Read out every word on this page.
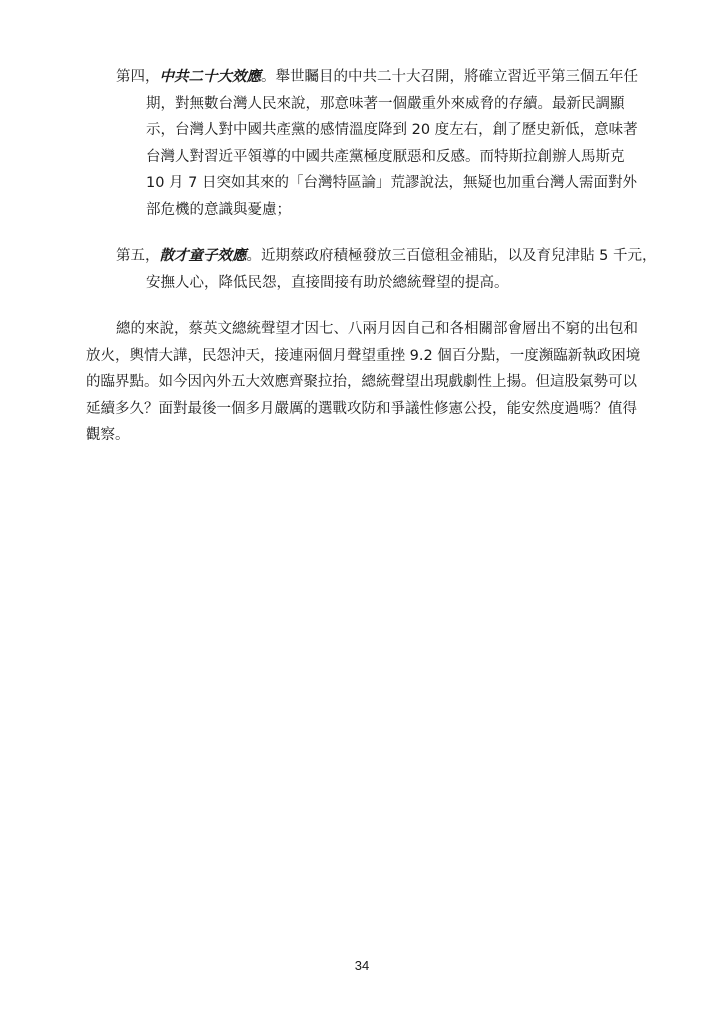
第四，中共二十大效應。舉世矚目的中共二十大召開，將確立習近平第三個五年任
期，對無數台灣人民來說，那意味著一個嚴重外來威脅的存續。最新民調顯
示，台灣人對中國共產黨的感情溫度降到 20 度左右，創了歷史新低，意味著
台灣人對習近平領導的中國共產黨極度厭惡和反感。而特斯拉創辦人馬斯克
10 月 7 日突如其來的「台灣特區論」荒謬說法，無疑也加重台灣人需面對外
部危機的意識與憂慮；
第五，散才童子效應。近期蔡政府積極發放三百億租金補貼，以及育兒津貼 5 千元，
安撫人心，降低民怨，直接間接有助於總統聲望的提高。
總的來說，蔡英文總統聲望才因七、八兩月因自己和各相關部會層出不窮的出包和
放火，輿情大譁，民怨沖天，接連兩個月聲望重挫 9.2 個百分點，一度瀕臨新執政困境
的臨界點。如今因內外五大效應齊聚拉抬，總統聲望出現戲劇性上揚。但這股氣勢可以
延續多久？面對最後一個多月嚴厲的選戰攻防和爭議性修憲公投，能安然度過嗎？值得
觀察。
34
